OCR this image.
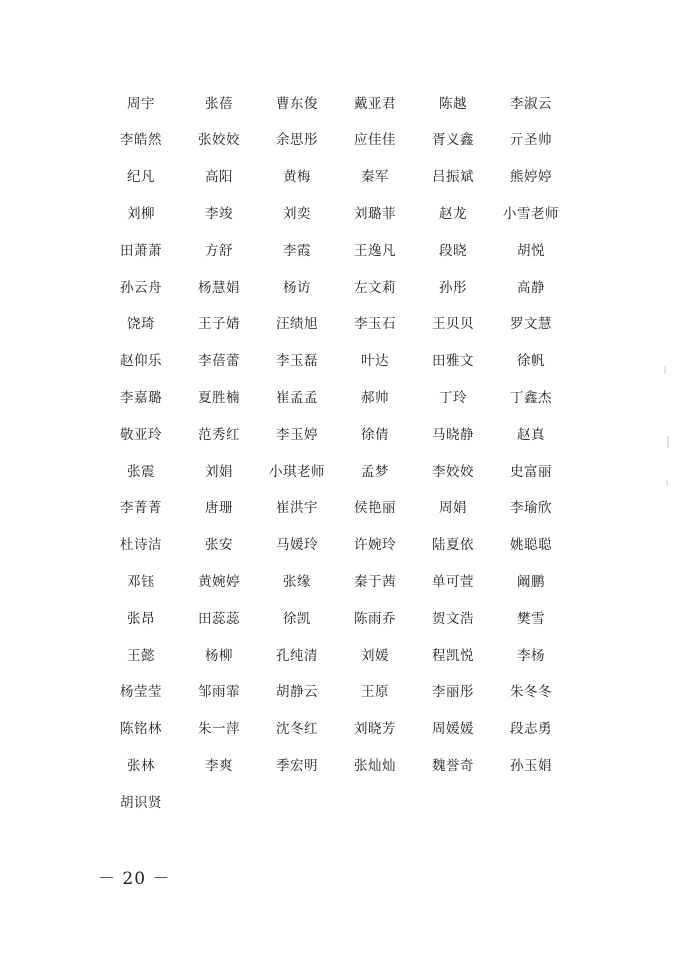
周宇	张蓓	曹东俊	戴亚君	陈越	李淑云
李皓然	张姣姣	余思彤	应佳佳	胥义鑫	亓圣帅
纪凡	高阳	黄梅	秦军	吕振斌	熊婷婷
刘柳	李竣	刘奕	刘璐菲	赵龙	小雪老师
田萧萧	方舒	李霞	王逸凡	段晓	胡悦
孙云舟	杨慧娟	杨访	左文莉	孙彤	高静
饶琦	王子婧	汪绩旭	李玉石	王贝贝	罗文慧
赵仰乐	李蓓蕾	李玉磊	叶达	田雅文	徐帆
李嘉璐	夏胜楠	崔孟孟	郝帅	丁玲	丁鑫杰
敬亚玲	范秀红	李玉婷	徐倩	马晓静	赵真
张震	刘娟	小琪老师	孟梦	李姣姣	史富丽
李菁菁	唐珊	崔洪宇	侯艳丽	周娟	李瑜欣
杜诗洁	张安	马媛玲	许婉玲	陆夏依	姚聪聪
邓钰	黄婉婷	张缘	秦于茜	单可萱	阚鹏
张昂	田蕊蕊	徐凯	陈雨乔	贺文浩	樊雪
王懿	杨柳	孔纯清	刘媛	程凯悦	李杨
杨莹莹	邹雨霏	胡静云	王原	李丽彤	朱冬冬
陈铭林	朱一萍	沈冬红	刘晓芳	周媛媛	段志勇
张林	李爽	季宏明	张灿灿	魏誉奇	孙玉娟
胡识贤
－ 20 －
